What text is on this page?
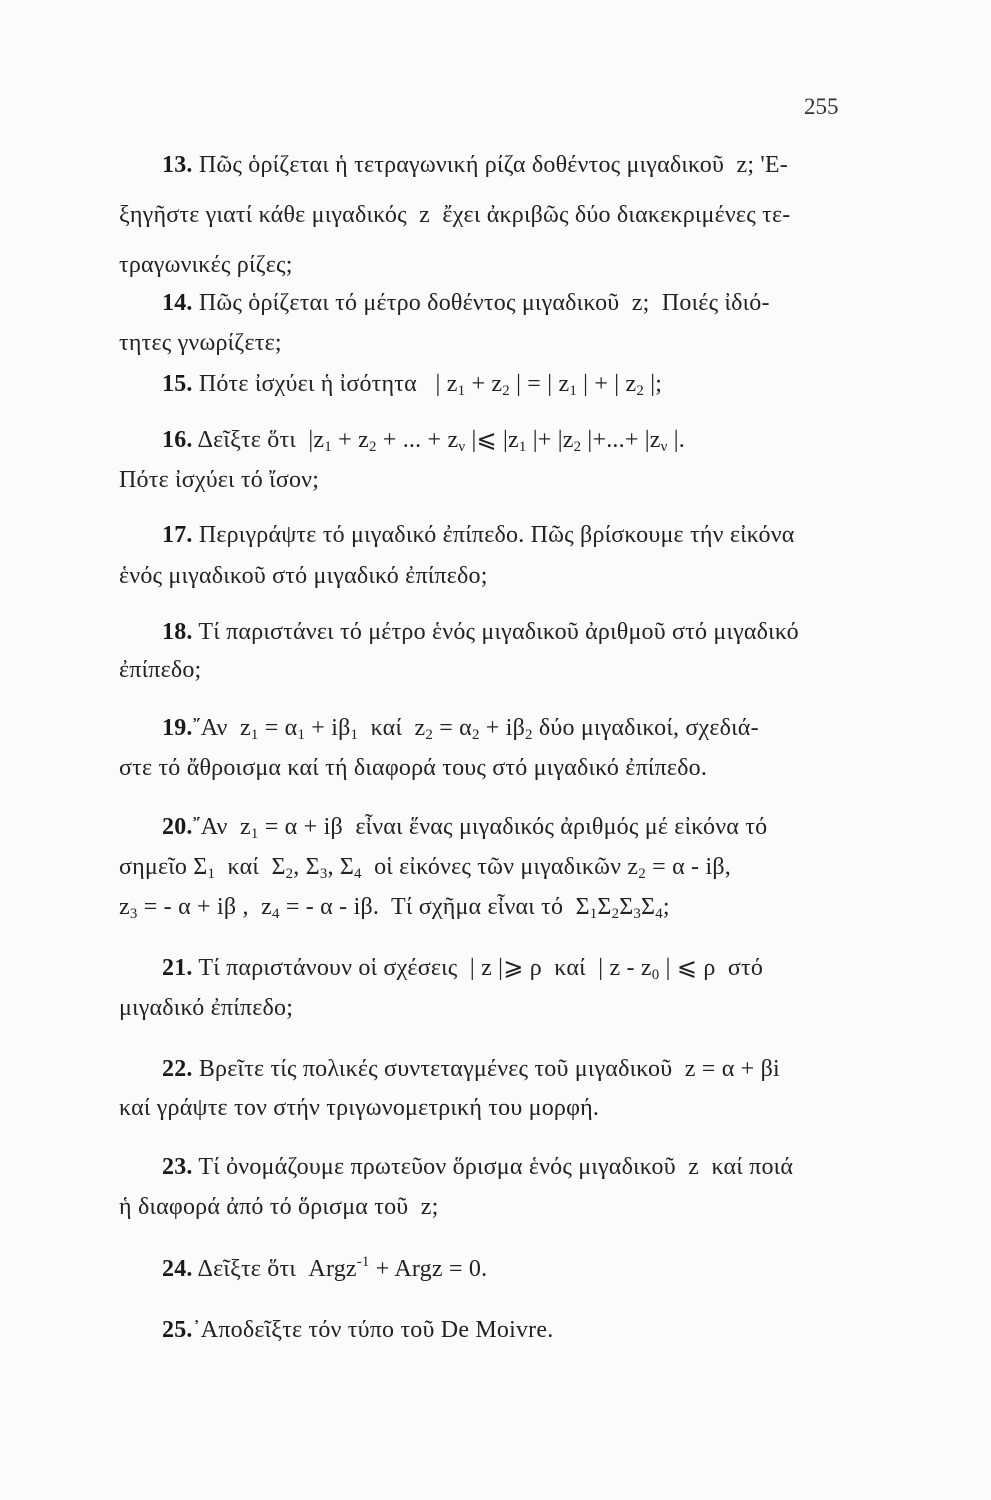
255
13. Πῶς ὁρίζεται ἡ τετραγωνική ρίζα δοθέντος μιγαδικοῦ  z; 'Ε-
ξηγῆστε γιατί κάθε μιγαδικός  z  ἔχει ἀκριβῶς δύο διακεκριμένες τε-
τραγωνικές ρίζες;
14. Πῶς ὁρίζεται τό μέτρο δοθέντος μιγαδικοῦ  z;  Ποιές ἰδιό-
τητες γνωρίζετε;
15. Πότε ἰσχύει ἡ ἰσότητα | $z_1 + z_2$ | = | $z_1$ | + | $z_2$ |;
16. Δεῖξτε ὅτι $|z_1 + z_2$ + ... + $z_\nu$ |⩽ $|z_1$ |+ $|z_2$ |+...+ $|z_\nu$ |.
Πότε ἰσχύει τό ἴσον;
17. Περιγράψτε τό μιγαδικό ἐπίπεδο. Πῶς βρίσκουμε τήν εἰκόνα
ἑνός μιγαδικοῦ στό μιγαδικό ἐπίπεδο;
18. Τί παριστάνει τό μέτρο ἑνός μιγαδικοῦ ἀριθμοῦ στό μιγαδικό
ἐπίπεδο;
19.῎Αν $z_1 = \alpha_1 + i\beta_1$ καί $z_2 = \alpha_2 + i\beta_2$ δύο μιγαδικοί, σχεδιά-
στε τό ἄθροισμα καί τή διαφορά τους στό μιγαδικό ἐπίπεδο.
20.῎Αν $z_1 = \alpha + i\beta$ εἶναι ἕνας μιγαδικός ἀριθμός μέ εἰκόνα τό
σημεῖο $\Sigma_1$ καί $\Sigma_2$, $\Sigma_3$, $\Sigma_4$ οἱ εἰκόνες τῶν μιγαδικῶν $z_2 = \alpha - i\beta$,
$z_3$ = - α + iβ , $z_4$ = - α - iβ. Τί σχῆμα εἶναι τό $\Sigma_1\Sigma_2\Sigma_3\Sigma_4$;
21. Τί παριστάνουν οἱ σχέσεις | z |⩾ ρ καί | z - $z_0$ | ⩽ ρ στό
μιγαδικό ἐπίπεδο;
22. Βρεῖτε τίς πολικές συντεταγμένες τοῦ μιγαδικοῦ z = α + βi
καί γράψτε τον στήν τριγωνομετρική του μορφή.
23. Τί ὀνομάζουμε πρωτεῦον ὅρισμα ἑνός μιγαδικοῦ  z  καί ποιά
ἡ διαφορά ἀπό τό ὅρισμα τοῦ  z;
24. Δεῖξτε ὅτι Argz$^{-1}$ + Argz = 0.
25.᾽Αποδεῖξτε τόν τύπο τοῦ De Moivre.
